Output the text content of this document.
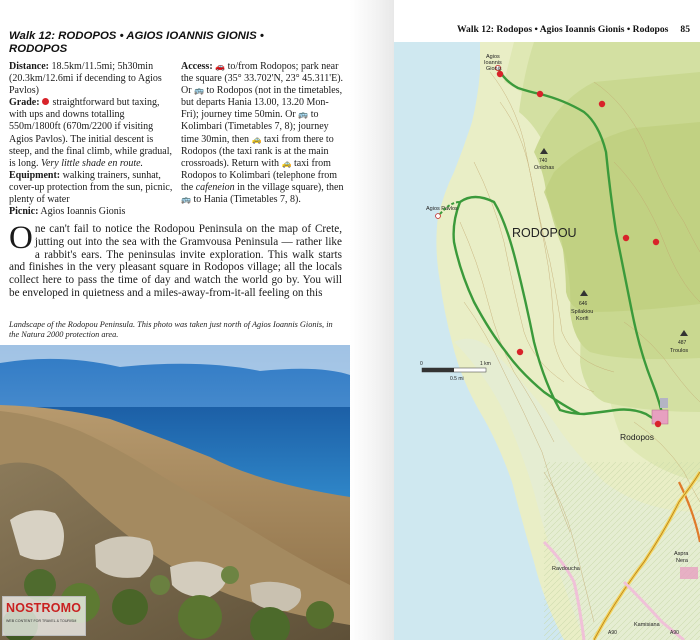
Walk 12: RODOPOS • AGIOS IOANNIS GIONIS •
RODOPOS
Distance: 18.5km/11.5mi; 5h30min (20.3km/12.6mi if decending to Agios Pavlos)
Grade: straightforward but taxing, with ups and downs totalling 550m/1800ft (670m/2200 if visiting Agios Pavlos). The initial descent is steep, and the final climb, while gradual, is long. Very little shade en route.
Equipment: walking trainers, sunhat, cover-up protection from the sun, picnic, plenty of water
Picnic: Agios Ioannis Gionis
Access: 🚗 to/from Rodopos; park near the square (35° 33.702'N, 23° 45.311'E). Or 🚌 to Rodopos (not in the timetables, but departs Hania 13.00, 13.20 Mon-Fri); journey time 50min. Or 🚌 to Kolimbari (Timetables 7, 8); journey time 30min, then 🚕 taxi from there to Rodopos (the taxi rank is at the main crossroads). Return with 🚕 taxi from Rodopos to Kolimbari (telephone from the cafeneion in the village square), then 🚌 to Hania (Timetables 7, 8).
One can't fail to notice the Rodopou Peninsula on the map of Crete, jutting out into the sea with the Gramvousa Peninsula — rather like a rabbit's ears. The peninsulas invite exploration. This walk starts and finishes in the very pleasant square in Rodopos village; all the locals collect here to pass the time of day and watch the world go by. You will be enveloped in quietness and a miles-away-from-it-all feeling on this
Landscape of the Rodopou Peninsula. This photo was taken just north of Agios Ioannis Gionis, in the Natura 2000 protection area.
NOSTROMO
WEB CONTENT FOR TRAVEL & TOURISM
Walk 12: Rodopos • Agios Ioannis Gionis • Rodopos 85
Agios
Ioannis
Gionis
Agios Pavlos
RODOPOU
740
Onichas
646
Spilakiou
Korifi
487
Troulos
Rodopos
Ravdoucha
Aspra
Nera
Kamisiana
A90	A90
0	1 km
0.5 mi
